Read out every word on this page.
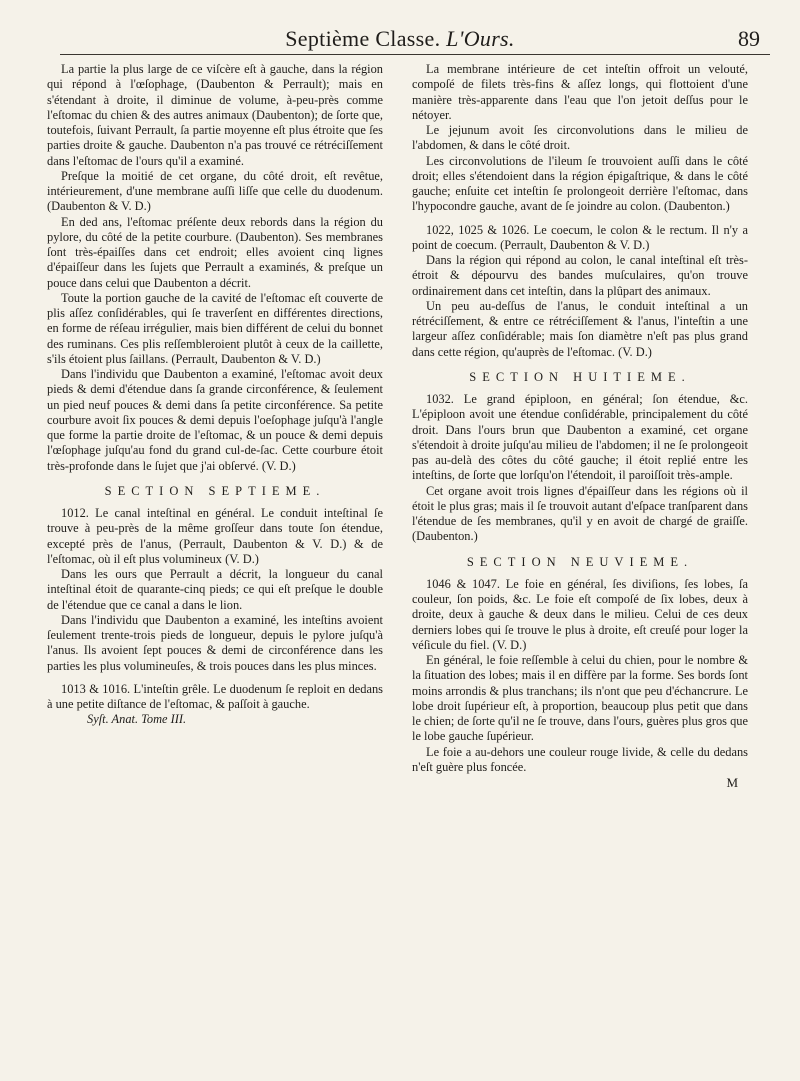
Septième Classe. L'Ours.	89

La partie la plus large de ce viſcère eſt à gauche, dans la région qui répond à l'œſophage, (Daubenton & Perrault); mais en s'étendant à droite, il diminue de volume, à-peu-près comme l'eſtomac du chien & des autres animaux (Daubenton); de ſorte que, toutefois, ſuivant Perrault, ſa partie moyenne eſt plus étroite que ſes parties droite & gauche. Daubenton n'a pas trouvé ce rétréciſſement dans l'eſtomac de l'ours qu'il a examiné.

Preſque la moitié de cet organe, du côté droit, eſt revêtue, intérieurement, d'une membrane auſſi liſſe que celle du duodenum. (Daubenton & V. D.)

En ded ans, l'eſtomac préſente deux rebords dans la région du pylore, du côté de la petite courbure. (Daubenton). Ses membranes ſont très-épaiſſes dans cet endroit; elles avoient cinq lignes d'épaiſſeur dans les ſujets que Perrault a examinés, & preſque un pouce dans celui que Daubenton a décrit.

Toute la portion gauche de la cavité de l'eſtomac eſt couverte de plis aſſez conſidérables, qui ſe traverſent en différentes directions, en forme de réſeau irrégulier, mais bien différent de celui du bonnet des ruminans. Ces plis reſſembleroient plutôt à ceux de la caillette, s'ils étoient plus ſaillans. (Perrault, Daubenton & V. D.)

Dans l'individu que Daubenton a examiné, l'eſtomac avoit deux pieds & demi d'étendue dans ſa grande circonférence, & ſeulement un pied neuf pouces & demi dans ſa petite circonférence. Sa petite courbure avoit ſix pouces & demi depuis l'oeſophage juſqu'à l'angle que forme la partie droite de l'eſtomac, & un pouce & demi depuis l'œſophage juſqu'au fond du grand cul-de-ſac. Cette courbure étoit très-profonde dans le ſujet que j'ai obſervé. (V. D.)

SECTION SEPTIEME.

1012. Le canal inteſtinal en général. Le conduit inteſtinal ſe trouve à peu-près de la même groſſeur dans toute ſon étendue, excepté près de l'anus, (Perrault, Daubenton & V. D.) & de l'eſtomac, où il eſt plus volumineux (V. D.)

Dans les ours que Perrault a décrit, la longueur du canal inteſtinal étoit de quarante-cinq pieds; ce qui eſt preſque le double de l'étendue que ce canal a dans le lion.

Dans l'individu que Daubenton a examiné, les inteſtins avoient ſeulement trente-trois pieds de longueur, depuis le pylore juſqu'à l'anus. Ils avoient ſept pouces & demi de circonférence dans les parties les plus volumineuſes, & trois pouces dans les plus minces.

1013 & 1016. L'inteſtin grêle. Le duodenum ſe reploit en dedans à une petite diſtance de l'eſtomac, & paſſoit à gauche.

Syſt. Anat. Tome III.

La membrane intérieure de cet inteſtin offroit un velouté, compoſé de filets très-fins & aſſez longs, qui flottoient d'une manière très-apparente dans l'eau que l'on jetoit deſſus pour le nétoyer.

Le jejunum avoit ſes circonvolutions dans le milieu de l'abdomen, & dans le côté droit.

Les circonvolutions de l'ileum ſe trouvoient auſſi dans le côté droit; elles s'étendoient dans la région épigaſtrique, & dans le côté gauche; enſuite cet inteſtin ſe prolongeoit derrière l'eſtomac, dans l'hypocondre gauche, avant de ſe joindre au colon. (Daubenton.)

1022, 1025 & 1026. Le coecum, le colon & le rectum. Il n'y a point de coecum. (Perrault, Daubenton & V. D.)

Dans la région qui répond au colon, le canal inteſtinal eſt très-étroit & dépourvu des bandes muſculaires, qu'on trouve ordinairement dans cet inteſtin, dans la plûpart des animaux.

Un peu au-deſſus de l'anus, le conduit inteſtinal a un rétréciſſement, & entre ce rétréciſſement & l'anus, l'inteſtin a une largeur aſſez conſidérable; mais ſon diamètre n'eſt pas plus grand dans cette région, qu'auprès de l'eſtomac. (V. D.)

SECTION HUITIEME.

1032. Le grand épiploon, en général; ſon étendue, &c. L'épiploon avoit une étendue conſidérable, principalement du côté droit. Dans l'ours brun que Daubenton a examiné, cet organe s'étendoit à droite juſqu'au milieu de l'abdomen; il ne ſe prolongeoit pas au-delà des côtes du côté gauche; il étoit replié entre les inteſtins, de ſorte que lorſqu'on l'étendoit, il paroiſſoit très-ample.

Cet organe avoit trois lignes d'épaiſſeur dans les régions où il étoit le plus gras; mais il ſe trouvoit autant d'eſpace tranſparent dans l'étendue de ſes membranes, qu'il y en avoit de chargé de graiſſe. (Daubenton.)

SECTION NEUVIEME.

1046 & 1047. Le foie en général, ſes diviſions, ſes lobes, ſa couleur, ſon poids, &c. Le foie eſt compoſé de ſix lobes, deux à droite, deux à gauche & deux dans le milieu. Celui de ces deux derniers lobes qui ſe trouve le plus à droite, eſt creuſé pour loger la véſicule du fiel. (V. D.)

En général, le foie reſſemble à celui du chien, pour le nombre & la ſituation des lobes; mais il en diffère par la forme. Ses bords ſont moins arrondis & plus tranchans; ils n'ont que peu d'échancrure. Le lobe droit ſupérieur eſt, à proportion, beaucoup plus petit que dans le chien; de ſorte qu'il ne ſe trouve, dans l'ours, guères plus gros que le lobe gauche ſupérieur.

Le foie a au-dehors une couleur rouge livide, & celle du dedans n'eſt guère plus foncée.

M
